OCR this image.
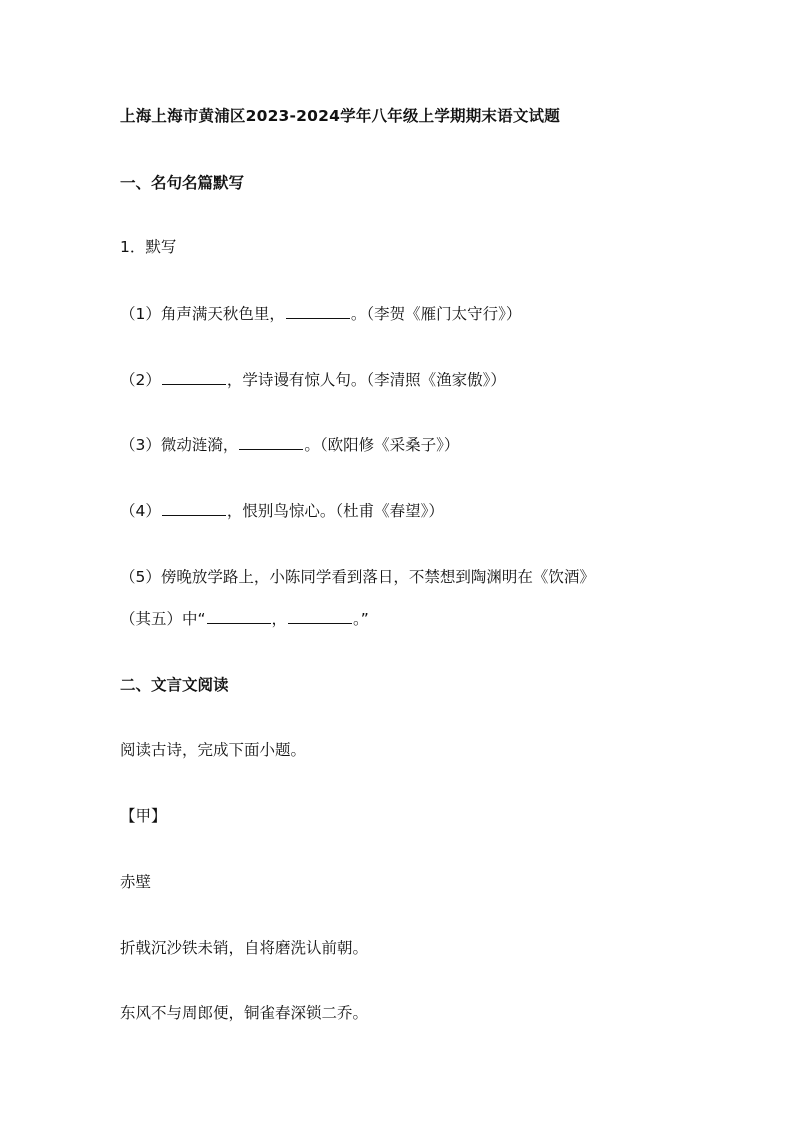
上海上海市黄浦区2023-2024学年八年级上学期期末语文试题
一、名句名篇默写
1．默写
（1）角声满天秋色里，	。（李贺《雁门太守行》）
（2）	，学诗谩有惊人句。（李清照《渔家傲》）
（3）微动涟漪，	。（欧阳修《采桑子》）
（4）	，恨别鸟惊心。（杜甫《春望》）
（5）傍晚放学路上，小陈同学看到落日，不禁想到陶渊明在《饮酒》
（其五）中“	，	。”
二、文言文阅读
阅读古诗，完成下面小题。
【甲】
赤壁
折戟沉沙铁未销，自将磨洗认前朝。
东风不与周郎便，铜雀春深锁二乔。
